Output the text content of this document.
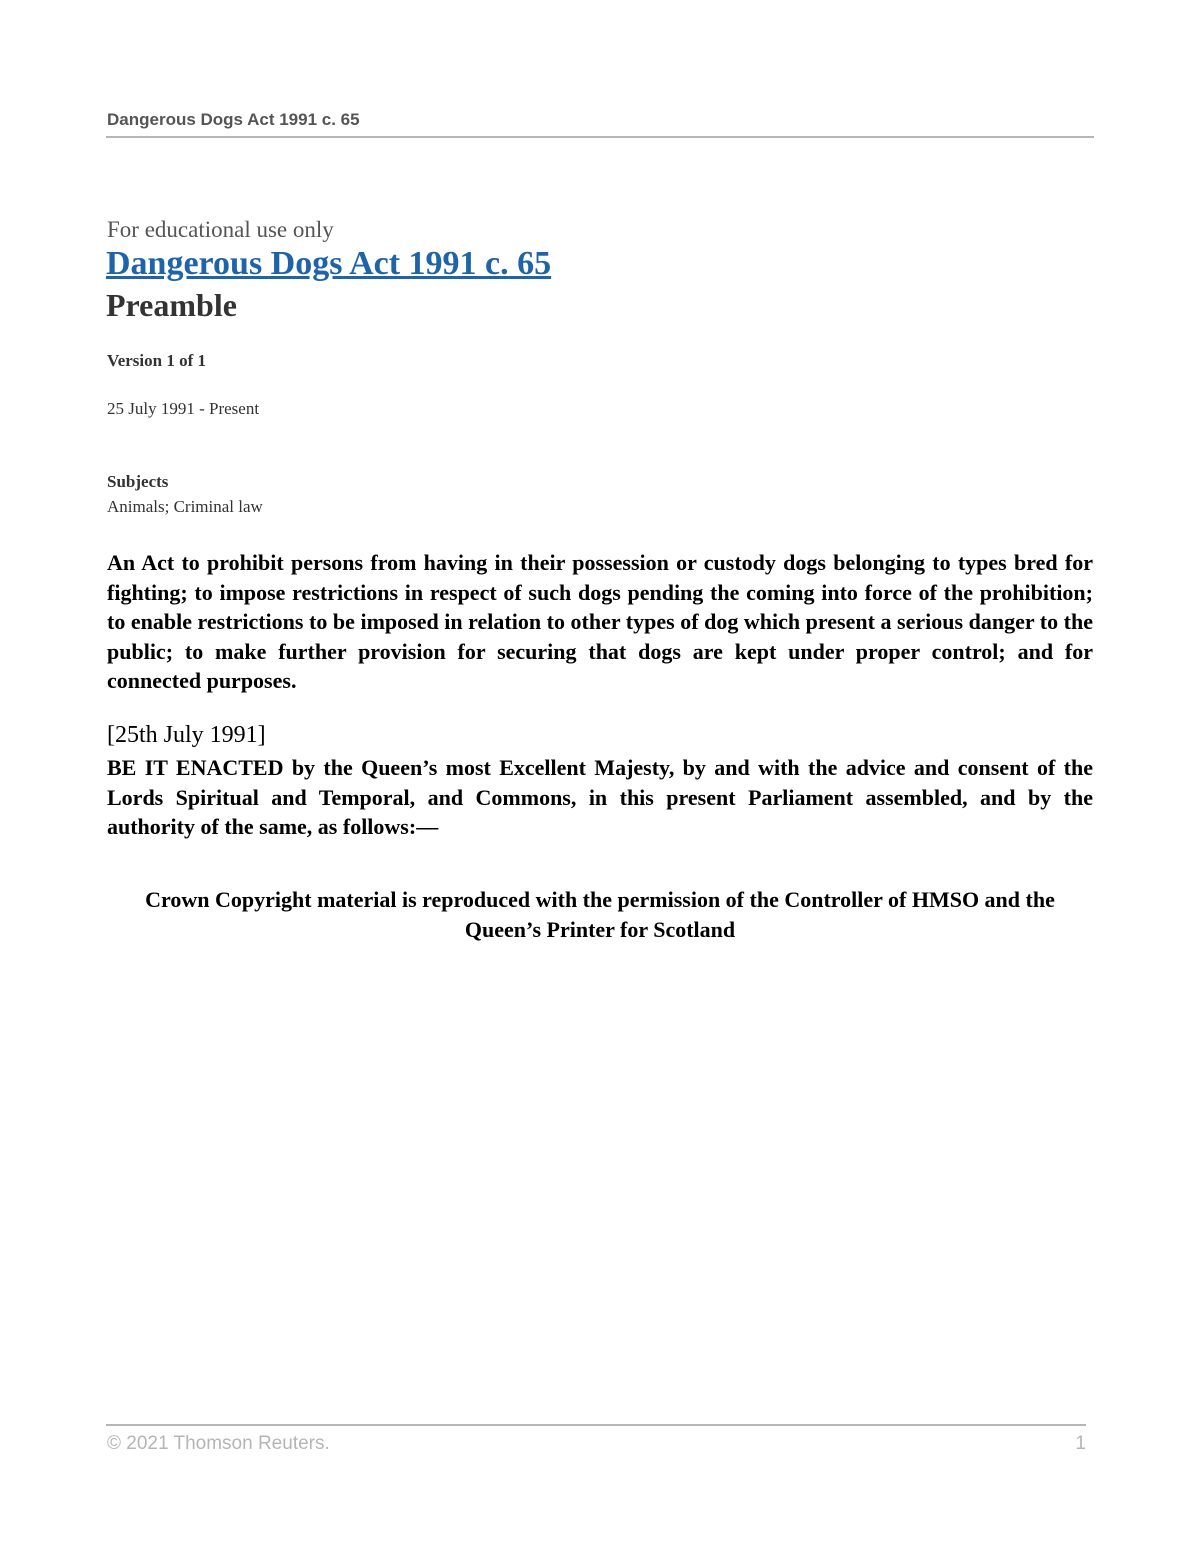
Dangerous Dogs Act 1991 c. 65
For educational use only
Dangerous Dogs Act 1991 c. 65
Preamble
Version 1 of 1
25 July 1991 - Present
Subjects
Animals; Criminal law

An Act to prohibit persons from having in their possession or custody dogs belonging to types bred for fighting; to impose restrictions in respect of such dogs pending the coming into force of the prohibition; to enable restrictions to be imposed in relation to other types of dog which present a serious danger to the public; to make further provision for securing that dogs are kept under proper control; and for connected purposes.

[25th July 1991]

BE IT ENACTED by the Queen’s most Excellent Majesty, by and with the advice and consent of the Lords Spiritual and Temporal, and Commons, in this present Parliament assembled, and by the authority of the same, as follows:—

Crown Copyright material is reproduced with the permission of the Controller of HMSO and the Queen’s Printer for Scotland

© 2021 Thomson Reuters.	1
